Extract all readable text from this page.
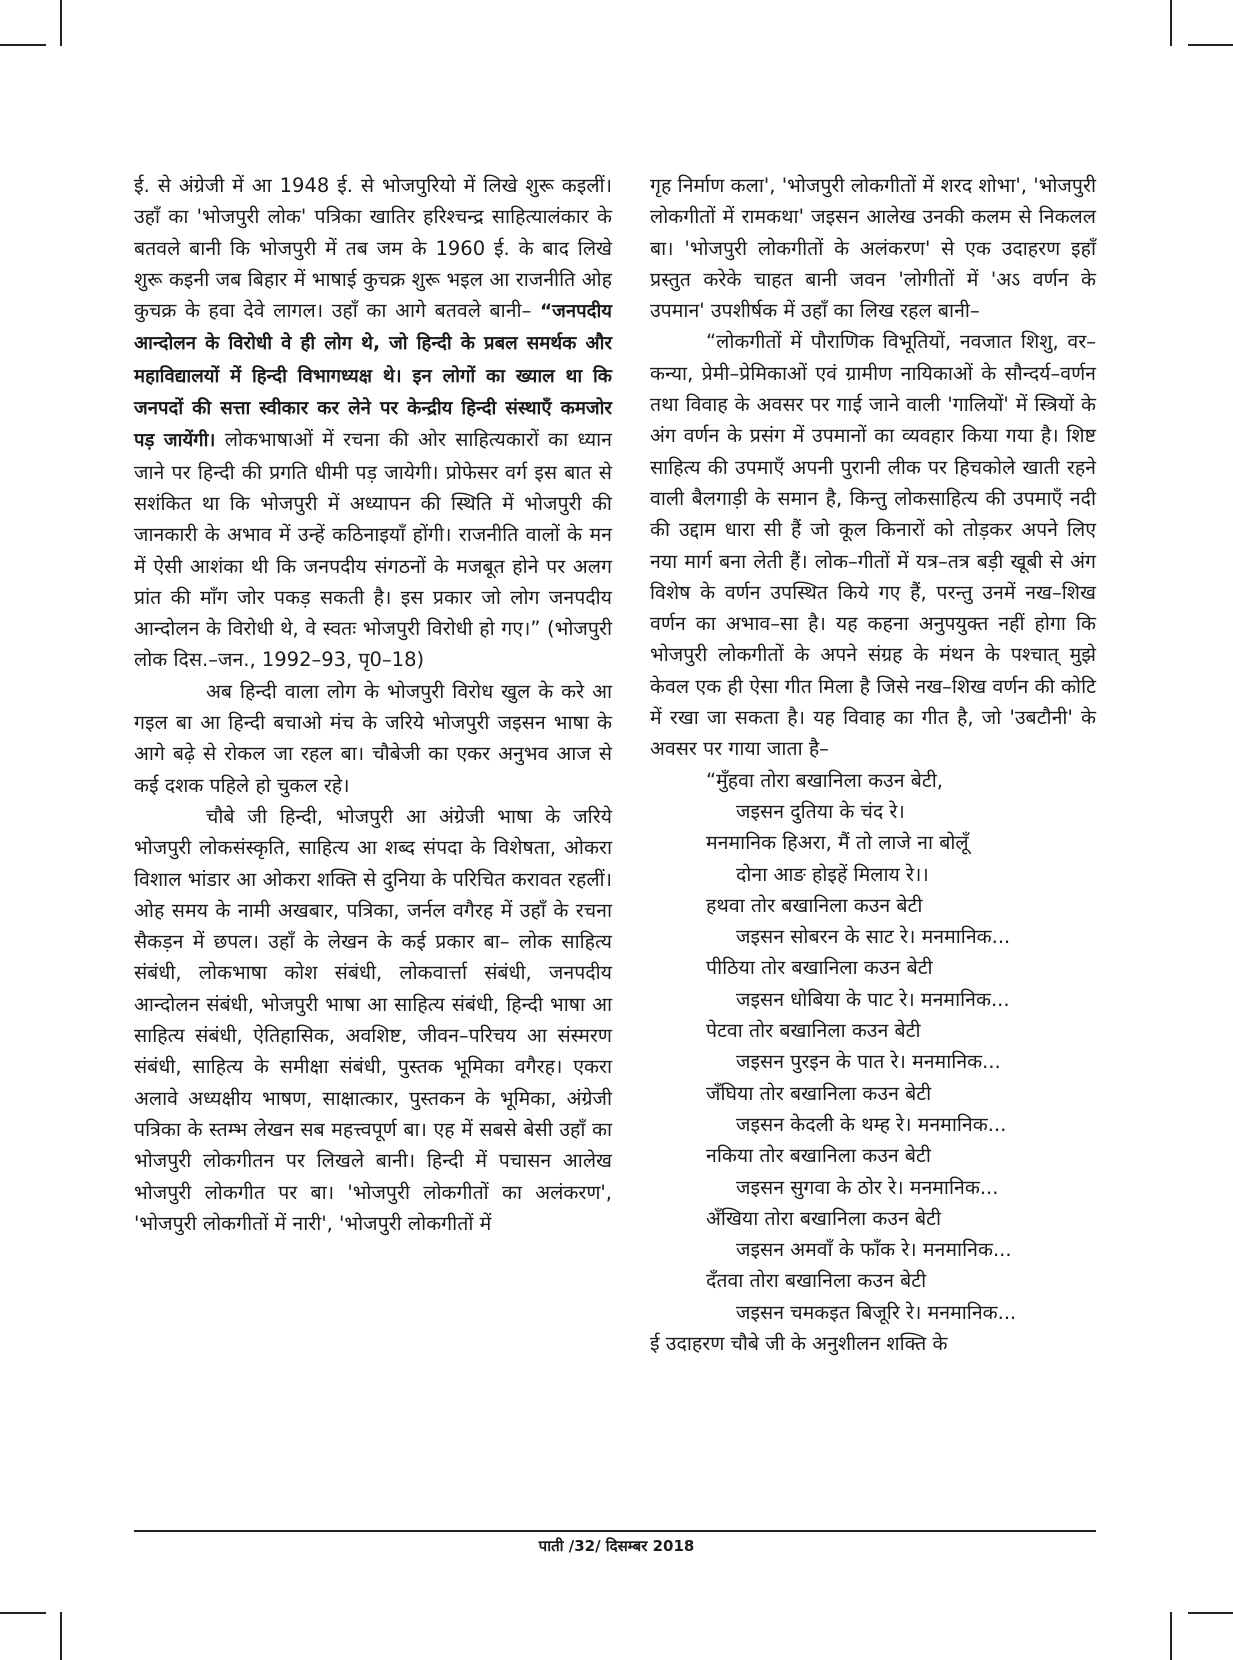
ई. से अंग्रेजी में आ 1948 ई. से भोजपुरियो में लिखे शुरू कइलीं। उहाँ का 'भोजपुरी लोक' पत्रिका खातिर हरिश्चन्द्र साहित्यालंकार के बतवले बानी कि भोजपुरी में तब जम के 1960 ई. के बाद लिखे शुरू कइनी जब बिहार में भाषाई कुचक्र शुरू भइल आ राजनीति ओह कुचक्र के हवा देवे लागल। उहाँ का आगे बतवले बानी– “जनपदीय आन्दोलन के विरोधी वे ही लोग थे, जो हिन्दी के प्रबल समर्थक और महाविद्यालयों में हिन्दी विभागध्यक्ष थे। इन लोगों का ख्याल था कि जनपदों की सत्ता स्वीकार कर लेने पर केन्द्रीय हिन्दी संस्थाएँ कमजोर पड़ जायेंगी। लोकभाषाओं में रचना की ओर साहित्यकारों का ध्यान जाने पर हिन्दी की प्रगति धीमी पड़ जायेगी। प्रोफेसर वर्ग इस बात से सशंकित था कि भोजपुरी में अध्यापन की स्थिति में भोजपुरी की जानकारी के अभाव में उन्हें कठिनाइयाँ होंगी। राजनीति वालों के मन में ऐसी आशंका थी कि जनपदीय संगठनों के मजबूत होने पर अलग प्रांत की माँग जोर पकड़ सकती है। इस प्रकार जो लोग जनपदीय आन्दोलन के विरोधी थे, वे स्वतः भोजपुरी विरोधी हो गए।” (भोजपुरी लोक दिस.–जन., 1992–93, पृ0–18)

अब हिन्दी वाला लोग के भोजपुरी विरोध खुल के करे आ गइल बा आ हिन्दी बचाओ मंच के जरिये भोजपुरी जइसन भाषा के आगे बढ़े से रोकल जा रहल बा। चौबेजी का एकर अनुभव आज से कई दशक पहिले हो चुकल रहे।

चौबे जी हिन्दी, भोजपुरी आ अंग्रेजी भाषा के जरिये भोजपुरी लोकसंस्कृति, साहित्य आ शब्द संपदा के विशेषता, ओकरा विशाल भांडार आ ओकरा शक्ति से दुनिया के परिचित करावत रहलीं। ओह समय के नामी अखबार, पत्रिका, जर्नल वगैरह में उहाँ के रचना सैकड़न में छपल। उहाँ के लेखन के कई प्रकार बा– लोक साहित्य संबंधी, लोकभाषा कोश संबंधी, लोकवार्त्ता संबंधी, जनपदीय आन्दोलन संबंधी, भोजपुरी भाषा आ साहित्य संबंधी, हिन्दी भाषा आ साहित्य संबंधी, ऐतिहासिक, अवशिष्ट, जीवन–परिचय आ संस्मरण संबंधी, साहित्य के समीक्षा संबंधी, पुस्तक भूमिका वगैरह। एकरा अलावे अध्यक्षीय भाषण, साक्षात्कार, पुस्तकन के भूमिका, अंग्रेजी पत्रिका के स्तम्भ लेखन सब महत्त्वपूर्ण बा। एह में सबसे बेसी उहाँ का भोजपुरी लोकगीतन पर लिखले बानी। हिन्दी में पचासन आलेख भोजपुरी लोकगीत पर बा। 'भोजपुरी लोकगीतों का अलंकरण', 'भोजपुरी लोकगीतों में नारी', 'भोजपुरी लोकगीतों में

गृह निर्माण कला', 'भोजपुरी लोकगीतों में शरद शोभा', 'भोजपुरी लोकगीतों में रामकथा' जइसन आलेख उनकी कलम से निकलल बा। 'भोजपुरी लोकगीतों के अलंकरण' से एक उदाहरण इहाँ प्रस्तुत करेके चाहत बानी जवन 'लोगीतों में 'अऽ वर्णन के उपमान' उपशीर्षक में उहाँ का लिख रहल बानी–

“लोकगीतों में पौराणिक विभूतियों, नवजात शिशु, वर–कन्या, प्रेमी–प्रेमिकाओं एवं ग्रामीण नायिकाओं के सौन्दर्य–वर्णन तथा विवाह के अवसर पर गाई जाने वाली 'गालियों' में स्त्रियों के अंग वर्णन के प्रसंग में उपमानों का व्यवहार किया गया है। शिष्ट साहित्य की उपमाएँ अपनी पुरानी लीक पर हिचकोले खाती रहने वाली बैलगाड़ी के समान है, किन्तु लोकसाहित्य की उपमाएँ नदी की उद्दाम धारा सी हैं जो कूल किनारों को तोड़कर अपने लिए नया मार्ग बना लेती हैं। लोक–गीतों में यत्र–तत्र बड़ी खूबी से अंग विशेष के वर्णन उपस्थित किये गए हैं, परन्तु उनमें नख–शिख वर्णन का अभाव–सा है। यह कहना अनुपयुक्त नहीं होगा कि भोजपुरी लोकगीतों के अपने संग्रह के मंथन के पश्चात् मुझे केवल एक ही ऐसा गीत मिला है जिसे नख–शिख वर्णन की कोटि में रखा जा सकता है। यह विवाह का गीत है, जो 'उबटौनी' के अवसर पर गाया जाता है–

“मुँहवा तोरा बखानिला कउन बेटी,
जइसन दुतिया के चंद रे।
मनमानिक हिअरा, मैं तो लाजे ना बोलूँ
दोना आङ होइहें मिलाय रे।।
हथवा तोर बखानिला कउन बेटी
जइसन सोबरन के साट रे। मनमानिक...
पीठिया तोर बखानिला कउन बेटी
जइसन धोबिया के पाट रे। मनमानिक...
पेटवा तोर बखानिला कउन बेटी
जइसन पुरइन के पात रे। मनमानिक...
जँघिया तोर बखानिला कउन बेटी
जइसन केदली के थम्ह रे। मनमानिक...
नकिया तोर बखानिला कउन बेटी
जइसन सुगवा के ठोर रे। मनमानिक...
अँखिया तोरा बखानिला कउन बेटी
जइसन अमवाँ के फाँक रे। मनमानिक...
दँतवा तोरा बखानिला कउन बेटी
जइसन चमकइत बिजूरि रे। मनमानिक...

ई उदाहरण चौबे जी के अनुशीलन शक्ति के

पाती /32/ दिसम्बर 2018
